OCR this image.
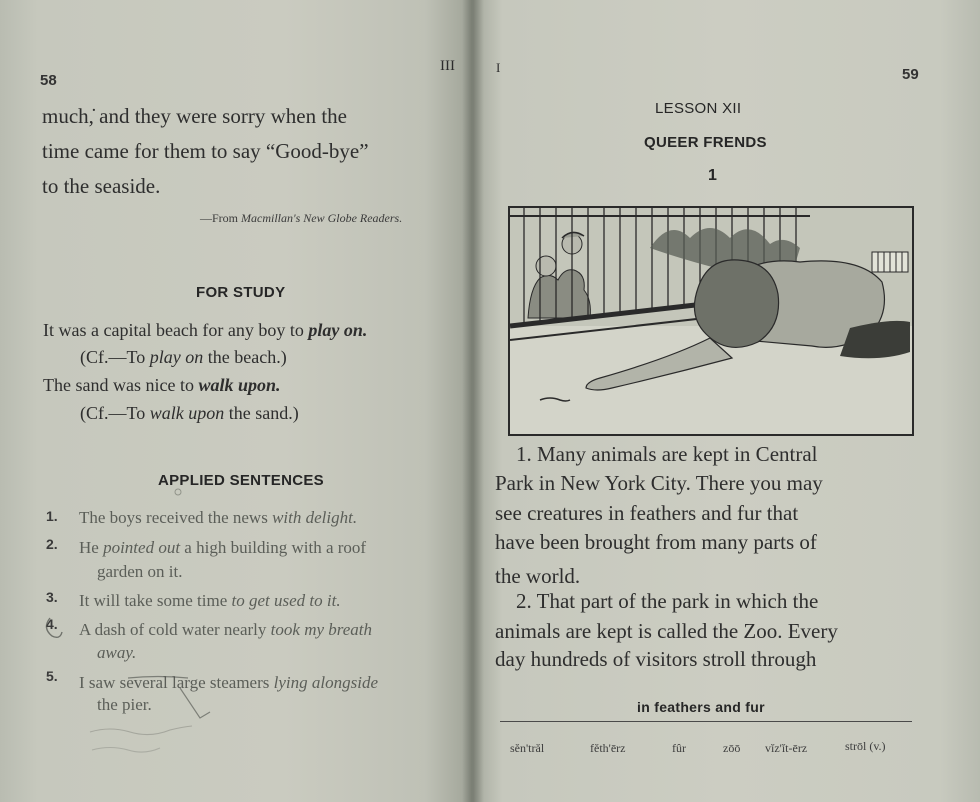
58
III
much,̇ and they were sorry when the
time came for them to say “Good-bye”
to the seaside.
—From Macmillan's New Globe Readers.
FOR STUDY
It was a capital beach for any boy to play on.
(Cf.—To play on the beach.)
The sand was nice to walk upon.
(Cf.—To walk upon the sand.)
APPLIED SENTENCES
1. The boys received the news with delight.
2. He pointed out a high building with a roof
garden on it.
3. It will take some time to get used to it.
4. A dash of cold water nearly took my breath
away.
5. I saw several large steamers lying alongside
the pier.
I	59
LESSON XII
QUEER FRENDS
1
1. Many animals are kept in Central
Park in New York City. There you may
see creatures in feathers and fur that
have been brought from many parts of
the world.
2. That part of the park in which the
animals are kept is called the Zoo. Every
day hundreds of visitors stroll through
in feathers and fur
sĕn'trăl	fĕth'ērz	fûr	zōō vĭz'ĭt-ērz	strōl (v.)
